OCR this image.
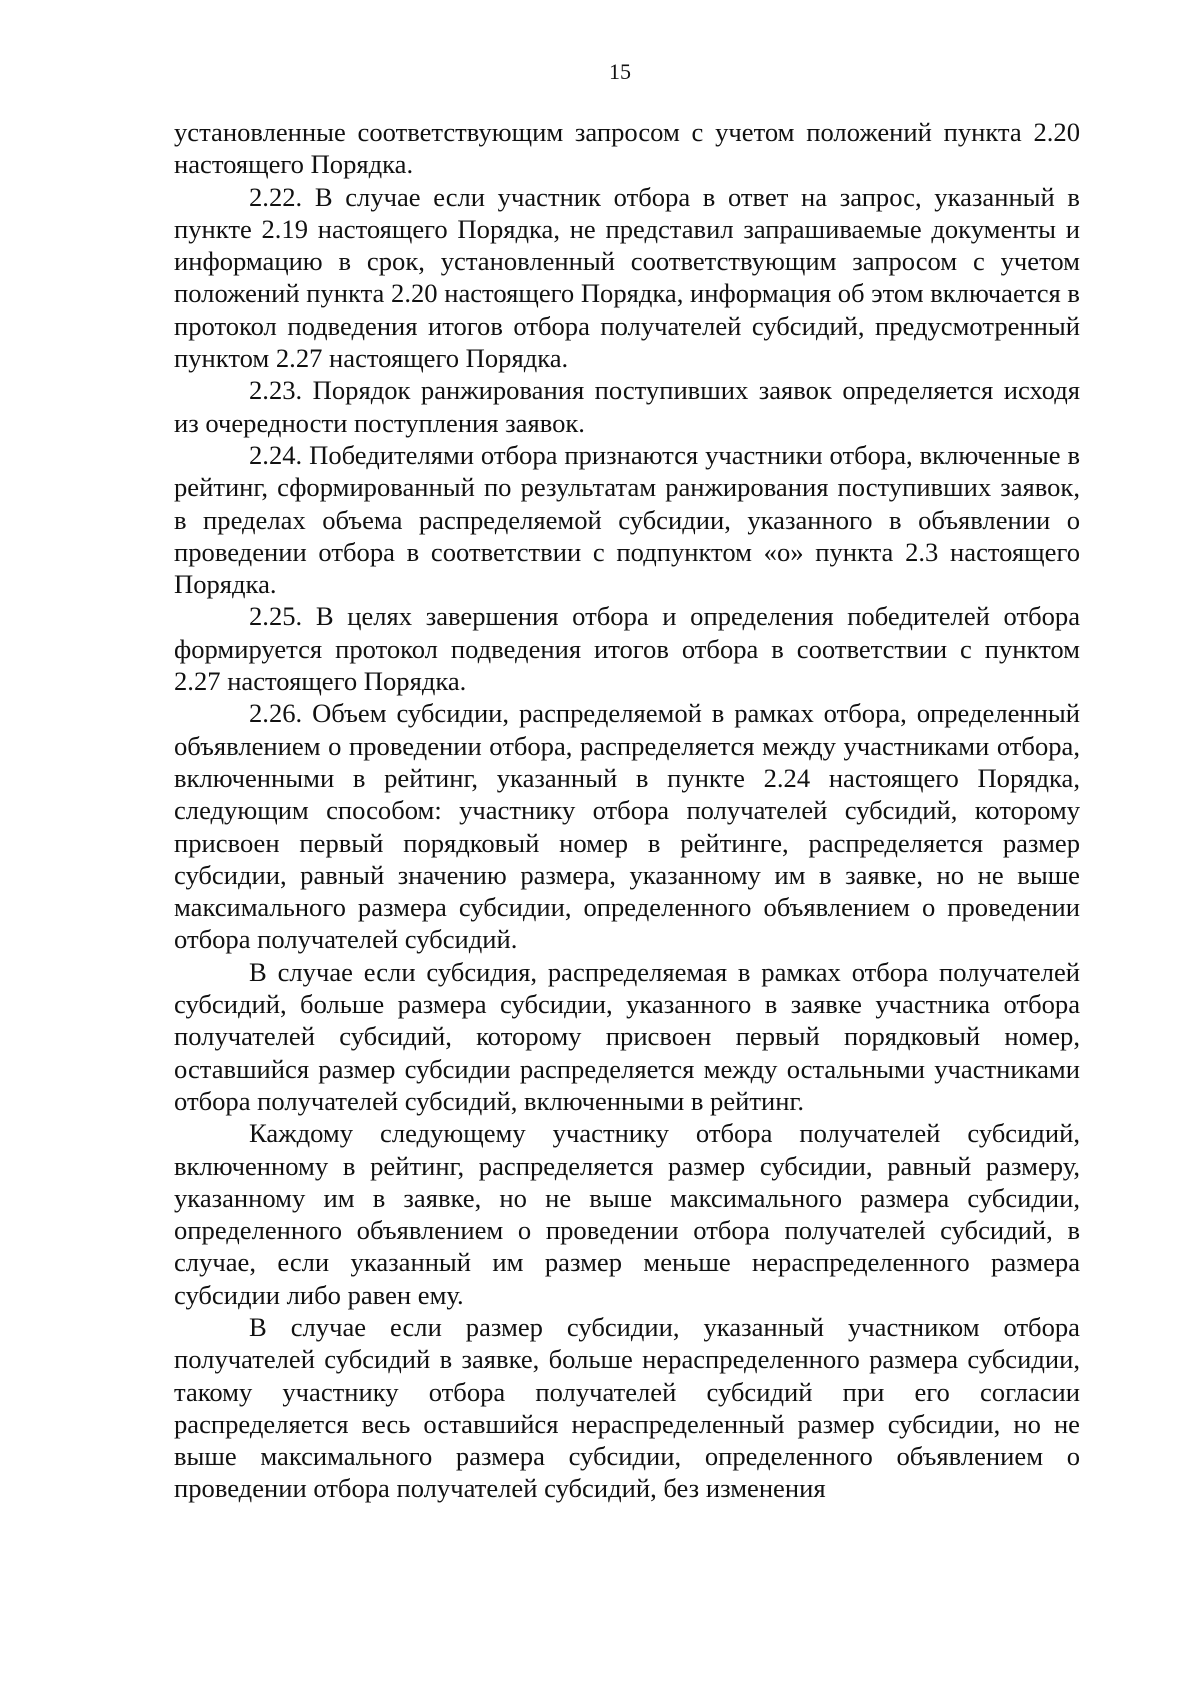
15

установленные соответствующим запросом с учетом положений пункта 2.20 настоящего Порядка.

2.22. В случае если участник отбора в ответ на запрос, указанный в пункте 2.19 настоящего Порядка, не представил запрашиваемые документы и информацию в срок, установленный соответствующим запросом с учетом положений пункта 2.20 настоящего Порядка, информация об этом включается в протокол подведения итогов отбора получателей субсидий, предусмотренный пунктом 2.27 настоящего Порядка.

2.23. Порядок ранжирования поступивших заявок определяется исходя из очередности поступления заявок.

2.24. Победителями отбора признаются участники отбора, включенные в рейтинг, сформированный по результатам ранжирования поступивших заявок, в пределах объема распределяемой субсидии, указанного в объявлении о проведении отбора в соответствии с подпунктом «о» пункта 2.3 настоящего Порядка.

2.25. В целях завершения отбора и определения победителей отбора формируется протокол подведения итогов отбора в соответствии с пунктом 2.27 настоящего Порядка.

2.26. Объем субсидии, распределяемой в рамках отбора, определенный объявлением о проведении отбора, распределяется между участниками отбора, включенными в рейтинг, указанный в пункте 2.24 настоящего Порядка, следующим способом: участнику отбора получателей субсидий, которому присвоен первый порядковый номер в рейтинге, распределяется размер субсидии, равный значению размера, указанному им в заявке, но не выше максимального размера субсидии, определенного объявлением о проведении отбора получателей субсидий.

В случае если субсидия, распределяемая в рамках отбора получателей субсидий, больше размера субсидии, указанного в заявке участника отбора получателей субсидий, которому присвоен первый порядковый номер, оставшийся размер субсидии распределяется между остальными участниками отбора получателей субсидий, включенными в рейтинг.

Каждому следующему участнику отбора получателей субсидий, включенному в рейтинг, распределяется размер субсидии, равный размеру, указанному им в заявке, но не выше максимального размера субсидии, определенного объявлением о проведении отбора получателей субсидий, в случае, если указанный им размер меньше нераспределенного размера субсидии либо равен ему.

В случае если размер субсидии, указанный участником отбора получателей субсидий в заявке, больше нераспределенного размера субсидии, такому участнику отбора получателей субсидий при его согласии распределяется весь оставшийся нераспределенный размер субсидии, но не выше максимального размера субсидии, определенного объявлением о проведении отбора получателей субсидий, без изменения
